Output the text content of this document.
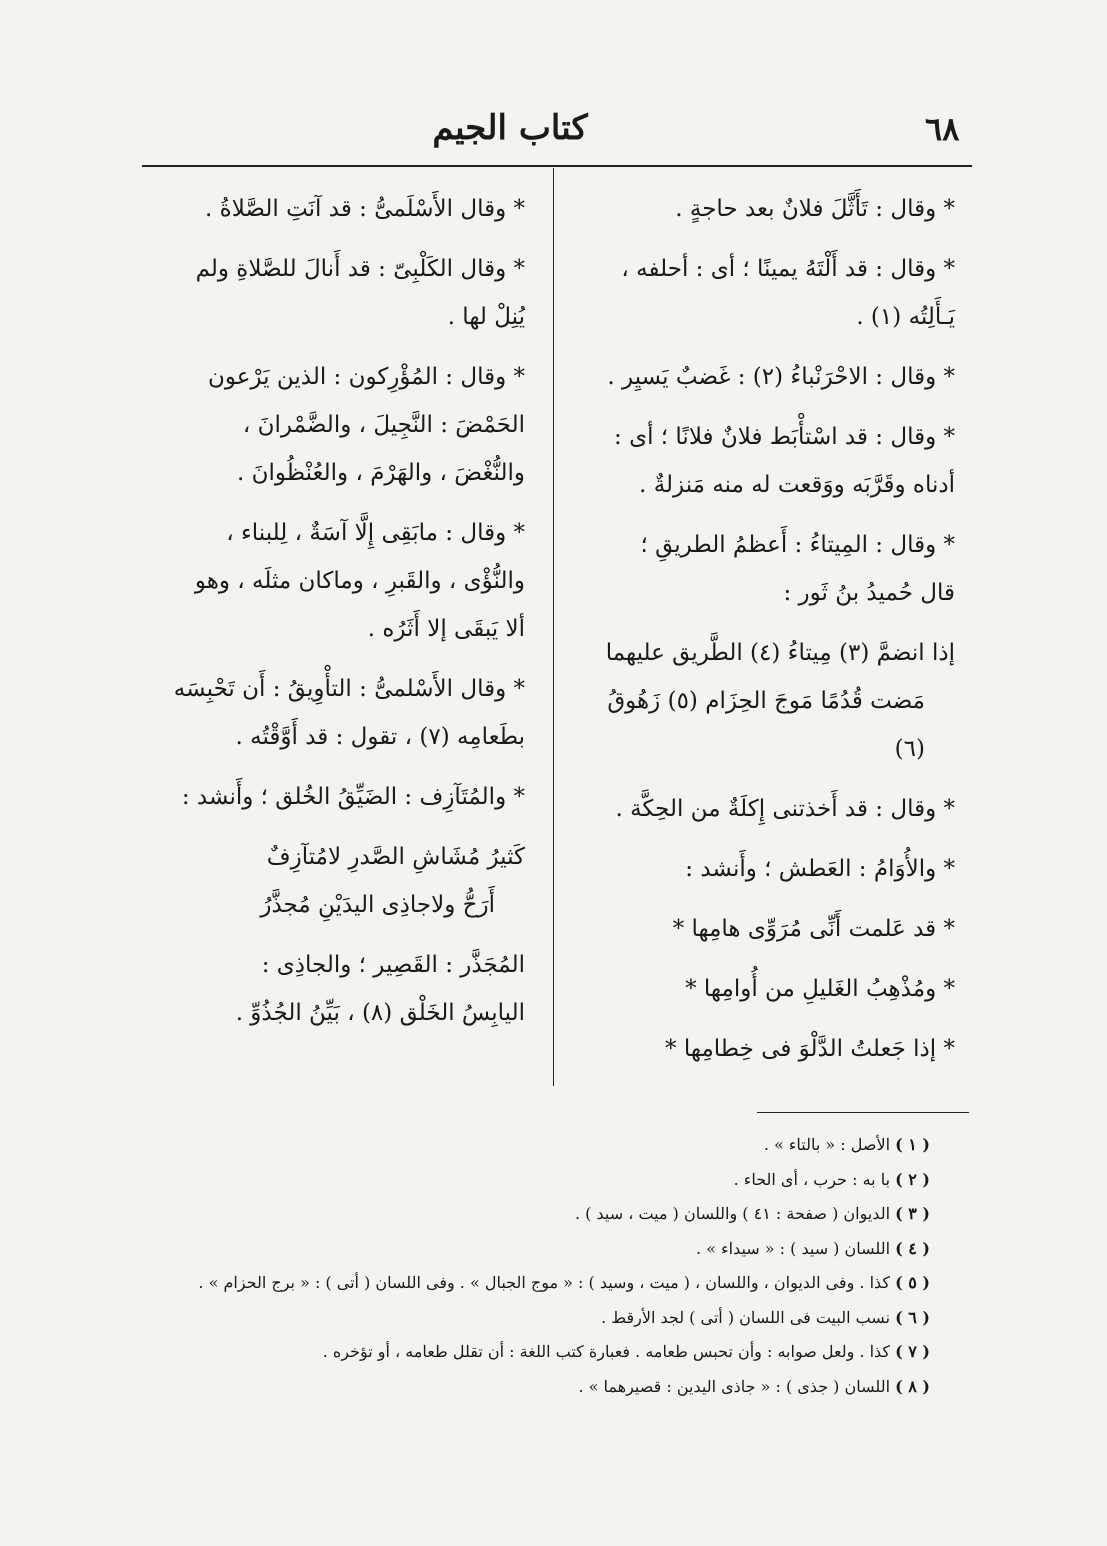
٦٨
كتاب الجيم

* وقال : تَأَثَّلَ فلانٌ بعد حاجةٍ .

* وقال : قد أَلْتَهُ يمينًا ؛ أى : أحلفه ،

يَـأَلِتُه (١) .

* وقال : الاحْرَنْباءُ (٢) : غَضبٌ يَسيِر .

* وقال : قد اسْتأْبَط فلانٌ فلانًا ؛ أى :

أدناه وقَرَّبَه ووَقعت له منه مَنزلةٌ .

* وقال : المِيتاءُ : أَعظمُ الطريقِ ؛

قال حُميدُ بنُ ثَور :

إذا انضمَّ (٣) مِيتاءُ (٤) الطَّريق عليهما

مَضت قُدُمًا مَوجَ الحِزَام (٥) زَهُوقُ (٦)

* وقال : قد أَخذتنى إِكلَةٌ من الحِكَّة .

* والأُوَامُ : العَطش ؛ وأَنشد :

* قد عَلمت أَنِّى مُرَوِّى هامِها *

* ومُذْهِبُ الغَليلِ من أُوامِها *

* إذا جَعلتُ الدَّلْوَ فى خِطامِها *

* وقال الأَسْلَمىُّ : قد آنَتِ الصَّلاةُ .

* وقال الكَلْبِىّ : قد أَنالَ للصَّلاةِ ولم

يُنِلْ لها .

* وقال : المُؤْرِكون : الذين يَرْعون

الحَمْضَ : النَّجِيلَ ، والضَّمْرانَ ،

والنُّغْضَ ، والهَرْمَ ، والعُنْظُوانَ .

* وقال : مابَقِى إِلَّا آسَةٌ ، لِلبناء ،

والنُّؤْى ، والقَبرِ ، وماكان مثلَه ، وهو

ألا يَبقَى إلا أَثَرُه .

* وقال الأَسْلمىُّ : التأْوِيقُ : أَن تَحْبِسَه

بطَعامِه (٧) ، تقول : قد أَوَّقْتُه .

* والمُتَآزِف : الضَيِّقُ الخُلق ؛ وأَنشد :

كَثيرُ مُشَاشِ الصَّدرِ لامُتآزِفٌ

أَرَحُّ ولاجاذِى اليدَيْنِ مُجذَّرُ

المُجَذَّر : القَصِير ؛ والجاذِى :

اليابِسُ الخَلْق (٨) ، بَيِّنُ الجُذُوِّ .

( ١ ) الأصل : « بالتاء » .
( ٢ ) با به : حرب ، أى الحاء .
( ٣ ) الديوان ( صفحة : ٤١ ) واللسان ( ميت ، سيد ) .
( ٤ ) اللسان ( سيد ) : « سيداء » .
( ٥ ) كذا . وفى الديوان ، واللسان ، ( ميت ، وسيد ) : « موج الجبال » . وفى اللسان ( أتى ) : « برج الحزام » .
( ٦ ) نسب البيت فى اللسان ( أتى ) لجد الأرقط .
( ٧ ) كذا . ولعل صوابه : وأن تحبس طعامه . فعبارة كتب اللغة : أن تقلل طعامه ، أو تؤخره .
( ٨ ) اللسان ( جذى ) : « جاذى اليدين : قصيرهما » .
